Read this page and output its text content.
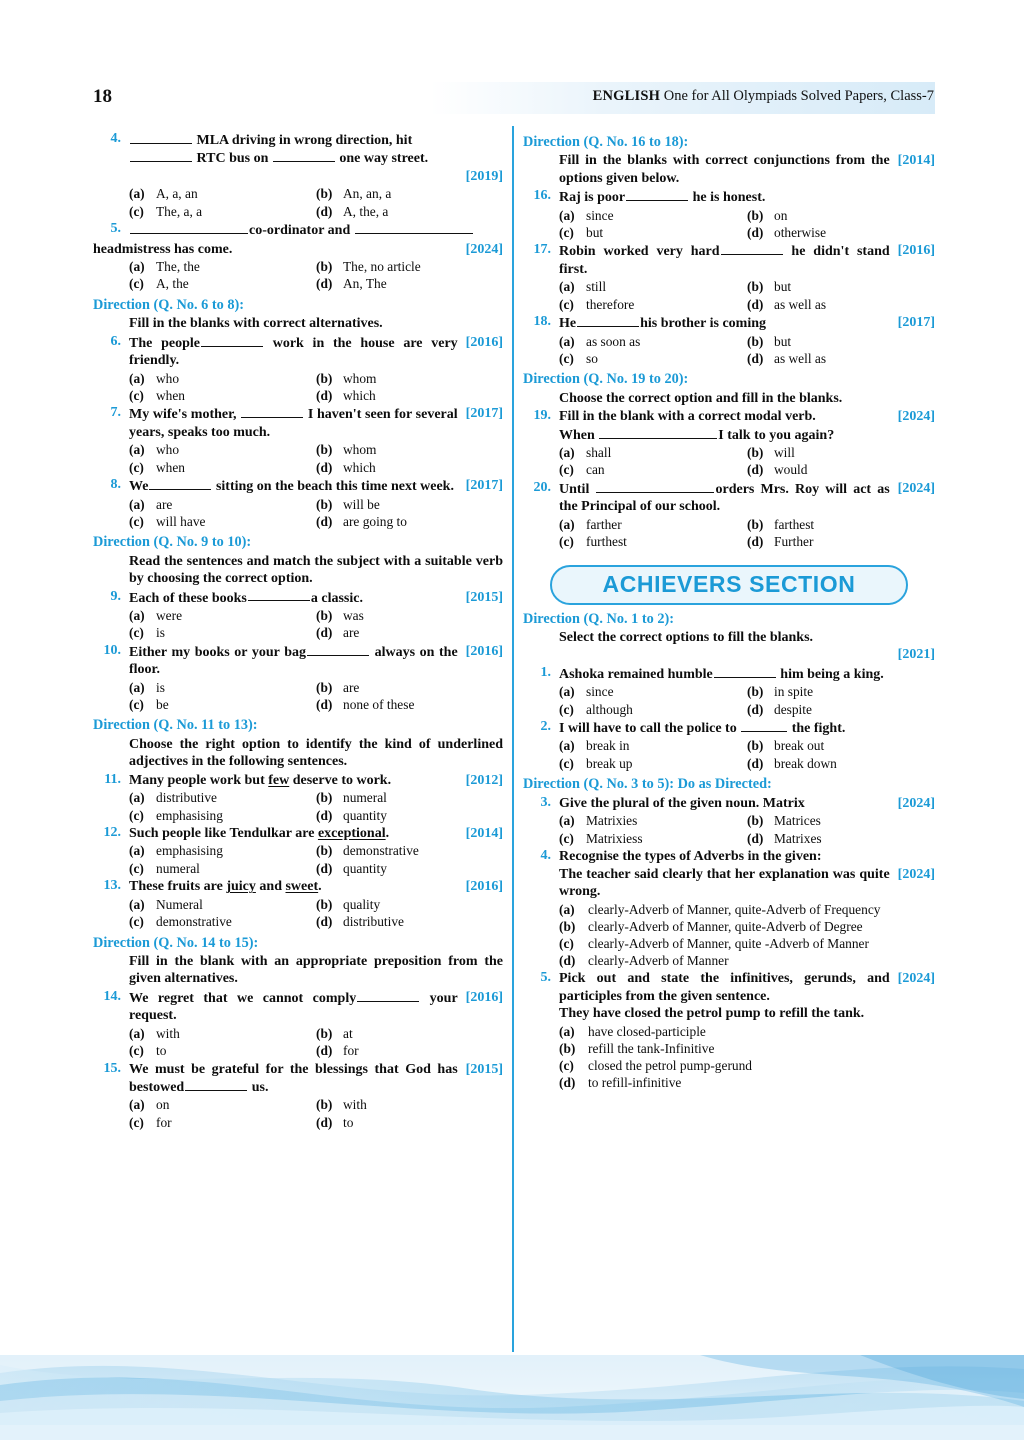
18	ENGLISH One for All Olympiads Solved Papers, Class-7
4.	MLA driving in wrong direction, hit
RTC bus on	one way street.
[2019]
(a) A, a, an	(b) An, an, a
(c) The, a, a	(d) A, the, a
5.	co-ordinator and
[2024]
headmistress has come.
(a) The, the	(b) The, no article
(c) A, the	(d) An, The
Direction (Q. No. 6 to 8):
Fill in the blanks with correct alternatives.
6.	[2016]
The people	work in the house are very friendly.
(a) who	(b) whom
(c) when	(d) which
7.	[2017]
My wife's mother,	I haven't seen for several years, speaks too much.
(a) who	(b) whom
(c) when	(d) which
8.	[2017]
We	sitting on the beach this time next week.
(a) are	(b) will be
(c) will have	(d) are going to
Direction (Q. No. 9 to 10):
Read the sentences and match the subject with a suitable verb by choosing the correct option.
9.	[2015]
Each of these books	a classic.
(a) were	(b) was
(c) is	(d) are
10.	[2016]
Either my books or your bag	always on the floor.
(a) is	(b) are
(c) be	(d) none of these
Direction (Q. No. 11 to 13):
Choose the right option to identify the kind of underlined adjectives in the following sentences.
11.	[2012]
Many people work but few deserve to work.
(a) distributive	(b) numeral
(c) emphasising	(d) quantity
12.	[2014]
Such people like Tendulkar are exceptional.
(a) emphasising	(b) demonstrative
(c) numeral	(d) quantity
13.	[2016]
These fruits are juicy and sweet.
(a) Numeral	(b) quality
(c) demonstrative	(d) distributive
Direction (Q. No. 14 to 15):
Fill in the blank with an appropriate preposition from the given alternatives.
14.	[2016]
We regret that we cannot comply	your request.
(a) with	(b) at
(c) to	(d) for
15.	[2015]
We must be grateful for the blessings that God has bestowed	us.
(a) on	(b) with
(c) for	(d) to
Direction (Q. No. 16 to 18):
[2014]
Fill in the blanks with correct conjunctions from the options given below.
16. Raj is poor	he is honest.
(a) since	(b) on
(c) but	(d) otherwise
17.	[2016]
Robin worked very hard	he didn't stand first.
(a) still	(b) but
(c) therefore	(d) as well as
18.	[2017]
He	his brother is coming
(a) as soon as	(b) but
(c) so	(d) as well as
Direction (Q. No. 19 to 20):
Choose the correct option and fill in the blanks.
19.	[2024]
Fill in the blank with a correct modal verb.
When	I talk to you again?
(a) shall	(b) will
(c) can	(d) would
20.	[2024]
Until	orders Mrs. Roy will act as the Principal of our school.
(a) farther	(b) farthest
(c) furthest	(d) Further
ACHIEVERS SECTION
Direction (Q. No. 1 to 2):
Select the correct options to fill the blanks.
[2021]
1. Ashoka remained humble	him being a king.
(a) since	(b) in spite
(c) although	(d) despite
2. I will have to call the police to	the fight.
(a) break in	(b) break out
(c) break up	(d) break down
Direction (Q. No. 3 to 5): Do as Directed:
3.	[2024]
Give the plural of the given noun. Matrix
(a) Matrixies	(b) Matrices
(c) Matrixiess	(d) Matrixes
4. Recognise the types of Adverbs in the given:
[2024]
The teacher said clearly that her explanation was quite wrong.
(a) clearly-Adverb of Manner, quite-Adverb of Frequency
(b) clearly-Adverb of Manner, quite-Adverb of Degree
(c)	clearly-Adverb of Manner, quite -Adverb of Manner
(d) clearly-Adverb of Manner
5.	[2024]
Pick out and state the infinitives, gerunds, and participles from the given sentence.
They have closed the petrol pump to refill the tank.
(a) have closed-participle
(b) refill the tank-Infinitive
(c)	closed the petrol pump-gerund
(d) to refill-infinitive
